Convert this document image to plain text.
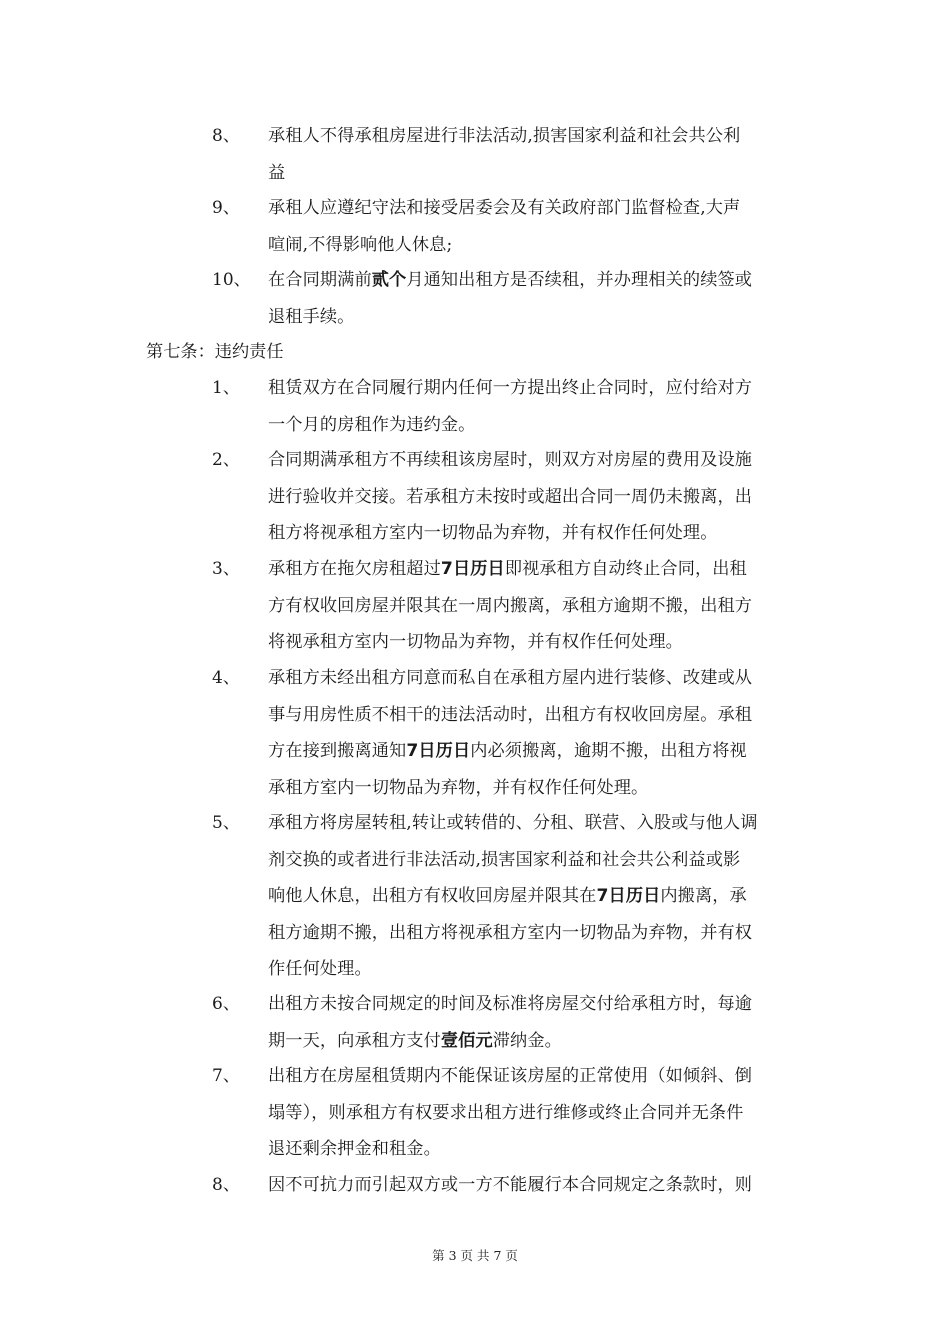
8、 承租人不得承租房屋进行非法活动,损害国家利益和社会共公利
益
9、 承租人应遵纪守法和接受居委会及有关政府部门监督检查,大声
喧闹,不得影响他人休息;
10、 在合同期满前贰个月通知出租方是否续租，并办理相关的续签或
退租手续。
1、 租赁双方在合同履行期内任何一方提出终止合同时，应付给对方
一个月的房租作为违约金。
2、 合同期满承租方不再续租该房屋时，则双方对房屋的费用及设施
进行验收并交接。若承租方未按时或超出合同一周仍未搬离，出
租方将视承租方室内一切物品为弃物，并有权作任何处理。
3、 承租方在拖欠房租超过7日历日即视承租方自动终止合同，出租
方有权收回房屋并限其在一周内搬离，承租方逾期不搬，出租方
将视承租方室内一切物品为弃物，并有权作任何处理。
4、 承租方未经出租方同意而私自在承租方屋内进行装修、改建或从
事与用房性质不相干的违法活动时，出租方有权收回房屋。承租
方在接到搬离通知7日历日内必须搬离，逾期不搬，出租方将视
承租方室内一切物品为弃物，并有权作任何处理。
5、 承租方将房屋转租,转让或转借的、分租、联营、入股或与他人调
剂交换的或者进行非法活动,损害国家利益和社会共公利益或影
响他人休息，出租方有权收回房屋并限其在7日历日内搬离，承
租方逾期不搬，出租方将视承租方室内一切物品为弃物，并有权
作任何处理。
6、 出租方未按合同规定的时间及标准将房屋交付给承租方时，每逾
期一天，向承租方支付壹佰元滞纳金。
7、 出租方在房屋租赁期内不能保证该房屋的正常使用（如倾斜、倒
塌等），则承租方有权要求出租方进行维修或终止合同并无条件
退还剩余押金和租金。
8、 因不可抗力而引起双方或一方不能履行本合同规定之条款时，则
第七条：违约责任
第 3 页 共 7 页
